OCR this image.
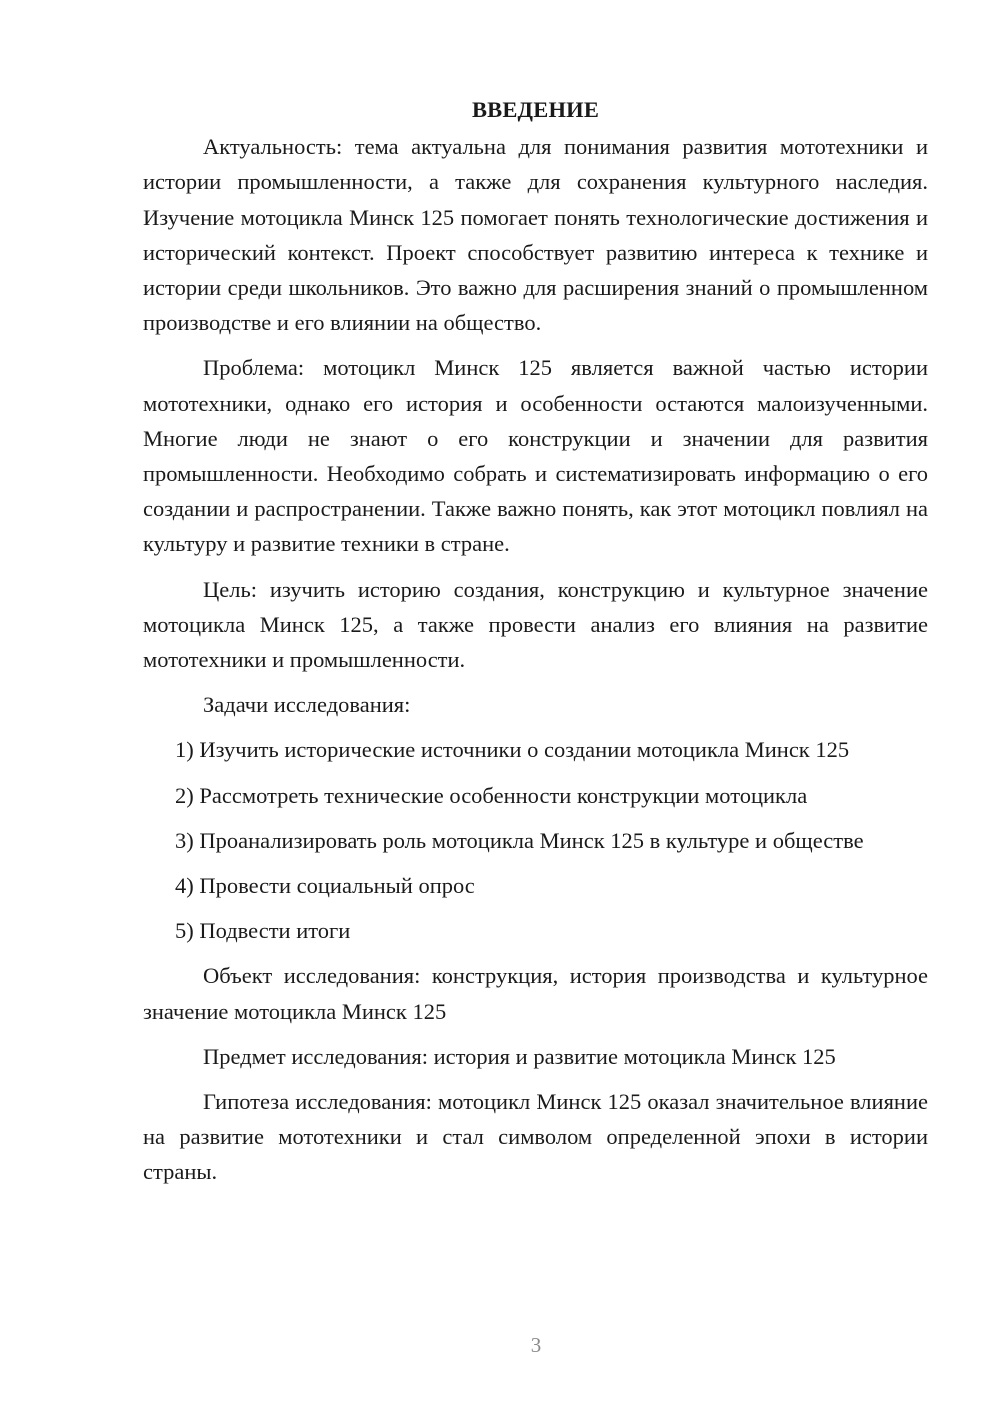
ВВЕДЕНИЕ

Актуальность: тема актуальна для понимания развития мототехники и истории промышленности, а также для сохранения культурного наследия. Изучение мотоцикла Минск 125 помогает понять технологические достижения и исторический контекст. Проект способствует развитию интереса к технике и истории среди школьников. Это важно для расширения знаний о промышленном производстве и его влиянии на общество.

Проблема: мотоцикл Минск 125 является важной частью истории мототехники, однако его история и особенности остаются малоизученными. Многие люди не знают о его конструкции и значении для развития промышленности. Необходимо собрать и систематизировать информацию о его создании и распространении. Также важно понять, как этот мотоцикл повлиял на культуру и развитие техники в стране.

Цель: изучить историю создания, конструкцию и культурное значение мотоцикла Минск 125, а также провести анализ его влияния на развитие мототехники и промышленности.

Задачи исследования:

1) Изучить исторические источники о создании мотоцикла Минск 125

2) Рассмотреть технические особенности конструкции мотоцикла

3) Проанализировать роль мотоцикла Минск 125 в культуре и обществе

4) Провести социальный опрос

5) Подвести итоги

Объект исследования: конструкция, история производства и культурное значение мотоцикла Минск 125

Предмет исследования: история и развитие мотоцикла Минск 125

Гипотеза исследования: мотоцикл Минск 125 оказал значительное влияние на развитие мототехники и стал символом определенной эпохи в истории страны.

3
